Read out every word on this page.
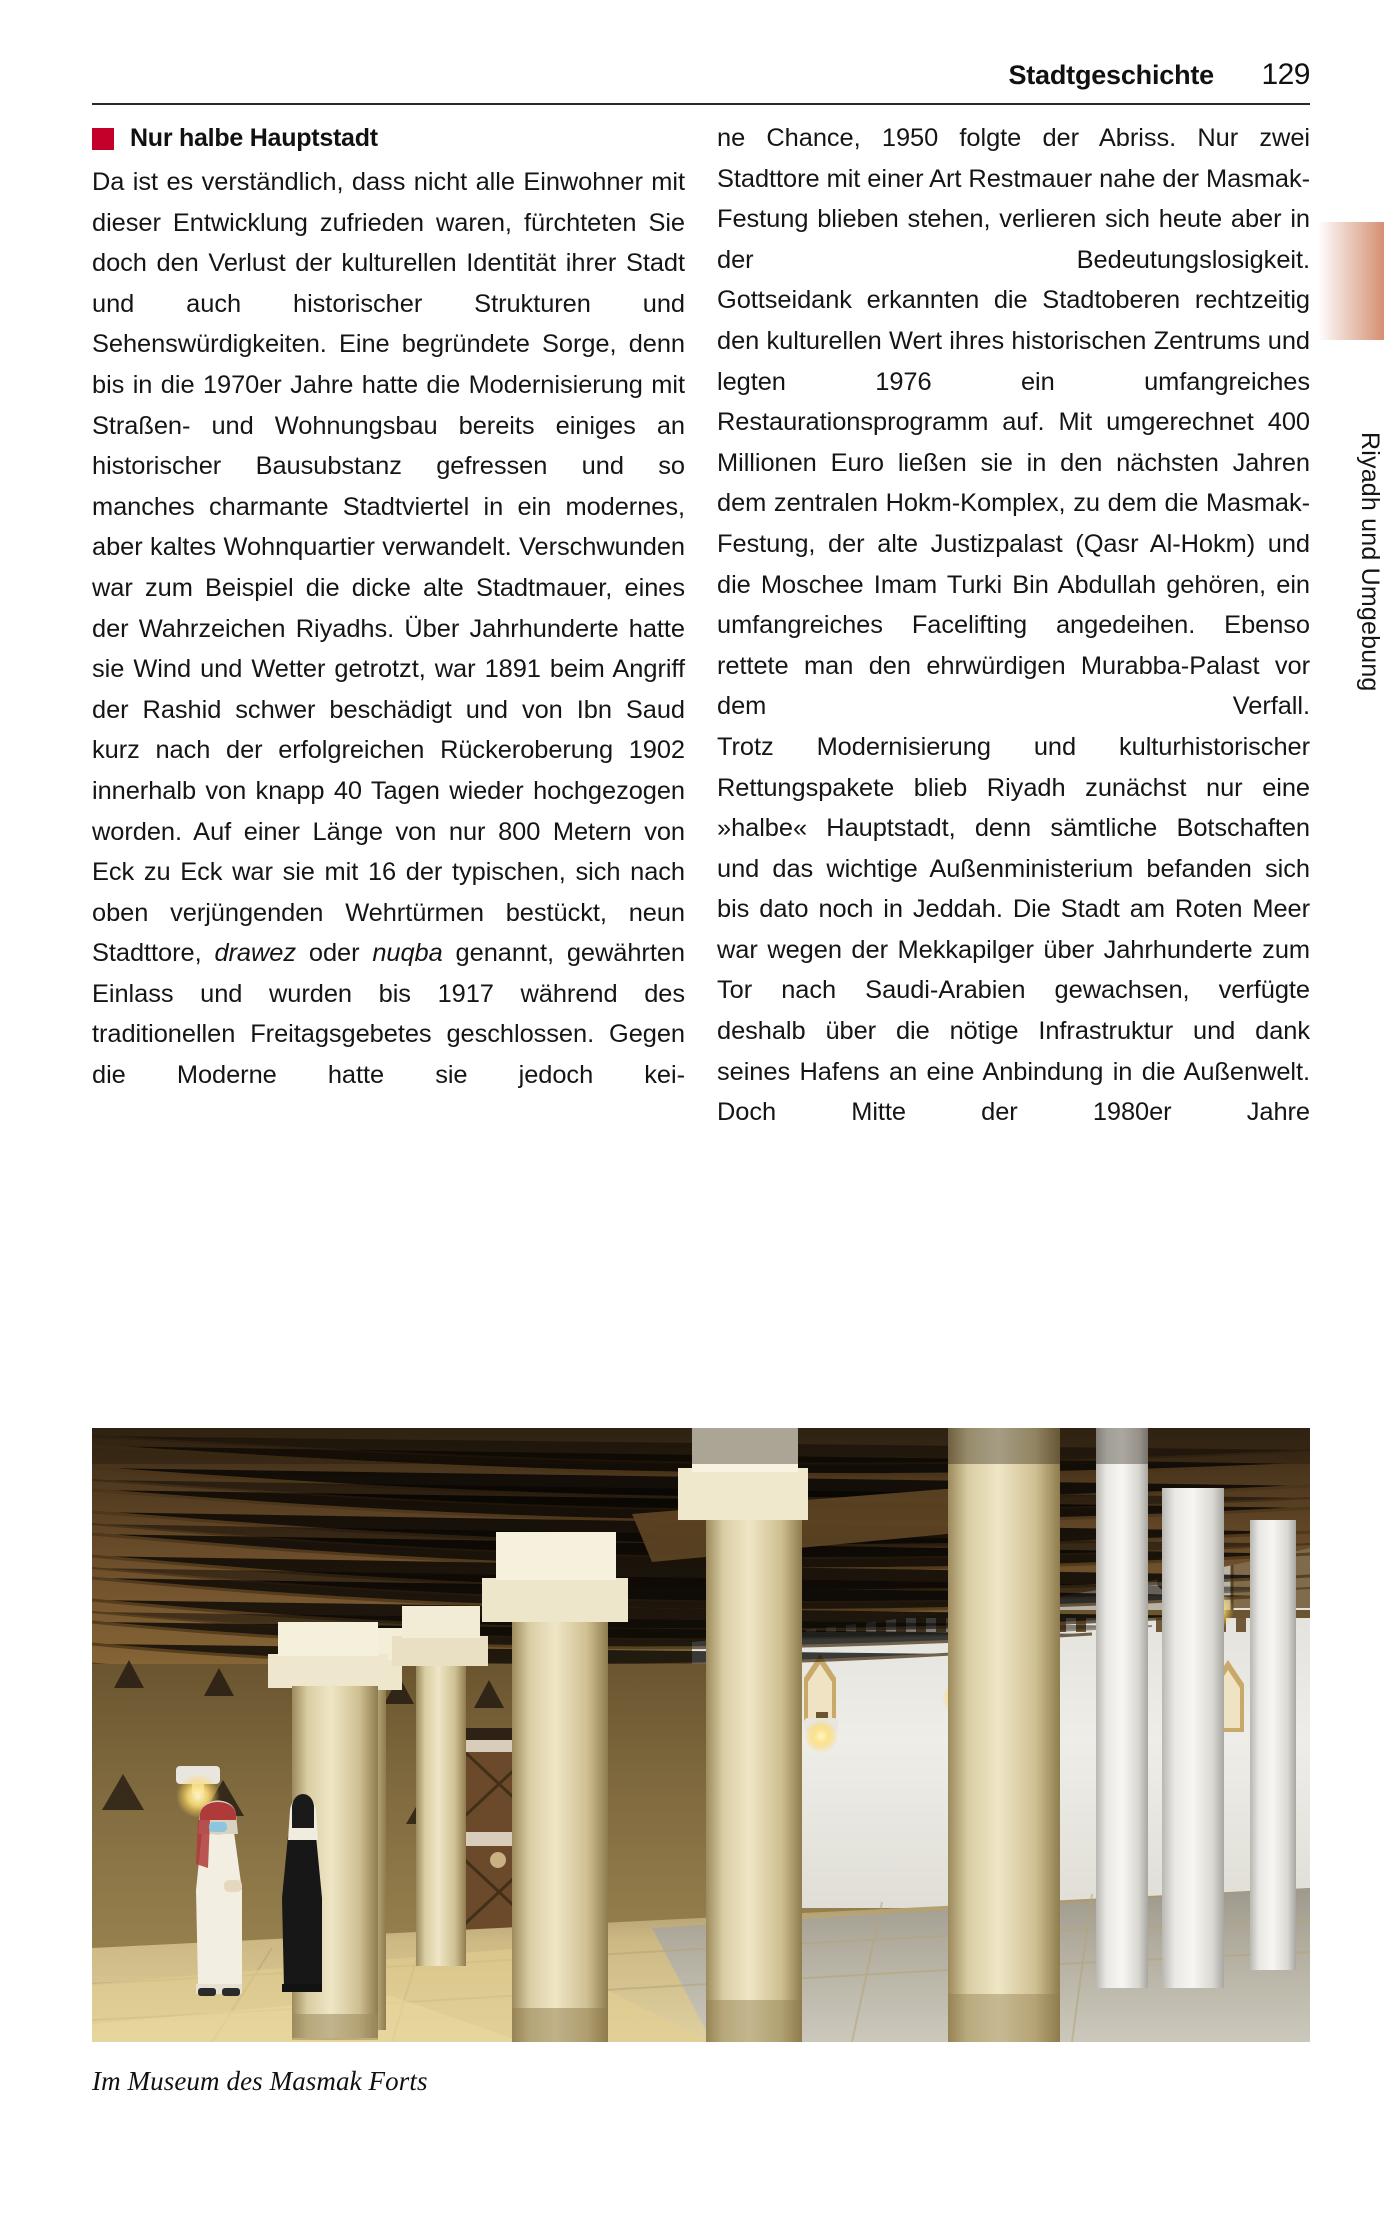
Stadtgeschichte 129
Nur halbe Hauptstadt

Da ist es verständlich, dass nicht alle Einwohner mit dieser Entwicklung zufrieden waren, fürchteten Sie doch den Verlust der kulturellen Identität ihrer Stadt und auch historischer Strukturen und Sehenswürdigkeiten. Eine begründete Sorge, denn bis in die 1970er Jahre hatte die Modernisierung mit Straßen- und Wohnungsbau bereits einiges an historischer Bausubstanz gefressen und so manches charmante Stadtviertel in ein modernes, aber kaltes Wohnquartier verwandelt. Verschwunden war zum Beispiel die dicke alte Stadtmauer, eines der Wahrzeichen Riyadhs. Über Jahrhunderte hatte sie Wind und Wetter getrotzt, war 1891 beim Angriff der Rashid schwer beschädigt und von Ibn Saud kurz nach der erfolgreichen Rückeroberung 1902 innerhalb von knapp 40 Tagen wieder hochgezogen worden. Auf einer Länge von nur 800 Metern von Eck zu Eck war sie mit 16 der typischen, sich nach oben verjüngenden Wehrtürmen bestückt, neun Stadttore, drawez oder nuqba genannt, gewährten Einlass und wurden bis 1917 während des traditionellen Freitagsgebetes geschlossen. Gegen die Moderne hatte sie jedoch kei-

ne Chance, 1950 folgte der Abriss. Nur zwei Stadttore mit einer Art Restmauer nahe der Masmak-Festung blieben stehen, verlieren sich heute aber in der Bedeutungslosigkeit.

Gottseidank erkannten die Stadtoberen rechtzeitig den kulturellen Wert ihres historischen Zentrums und legten 1976 ein umfangreiches Restaurationsprogramm auf. Mit umgerechnet 400 Millionen Euro ließen sie in den nächsten Jahren dem zentralen Hokm-Komplex, zu dem die Masmak-Festung, der alte Justizpalast (Qasr Al-Hokm) und die Moschee Imam Turki Bin Abdullah gehören, ein umfangreiches Facelifting angedeihen. Ebenso rettete man den ehrwürdigen Murabba-Palast vor dem Verfall.

Trotz Modernisierung und kulturhistorischer Rettungspakete blieb Riyadh zunächst nur eine »halbe« Hauptstadt, denn sämtliche Botschaften und das wichtige Außenministerium befanden sich bis dato noch in Jeddah. Die Stadt am Roten Meer war wegen der Mekkapilger über Jahrhunderte zum Tor nach Saudi-Arabien gewachsen, verfügte deshalb über die nötige Infrastruktur und dank seines Hafens an eine Anbindung in die Außenwelt. Doch Mitte der 1980er Jahre

Riyadh und Umgebung
Im Museum des Masmak Forts
